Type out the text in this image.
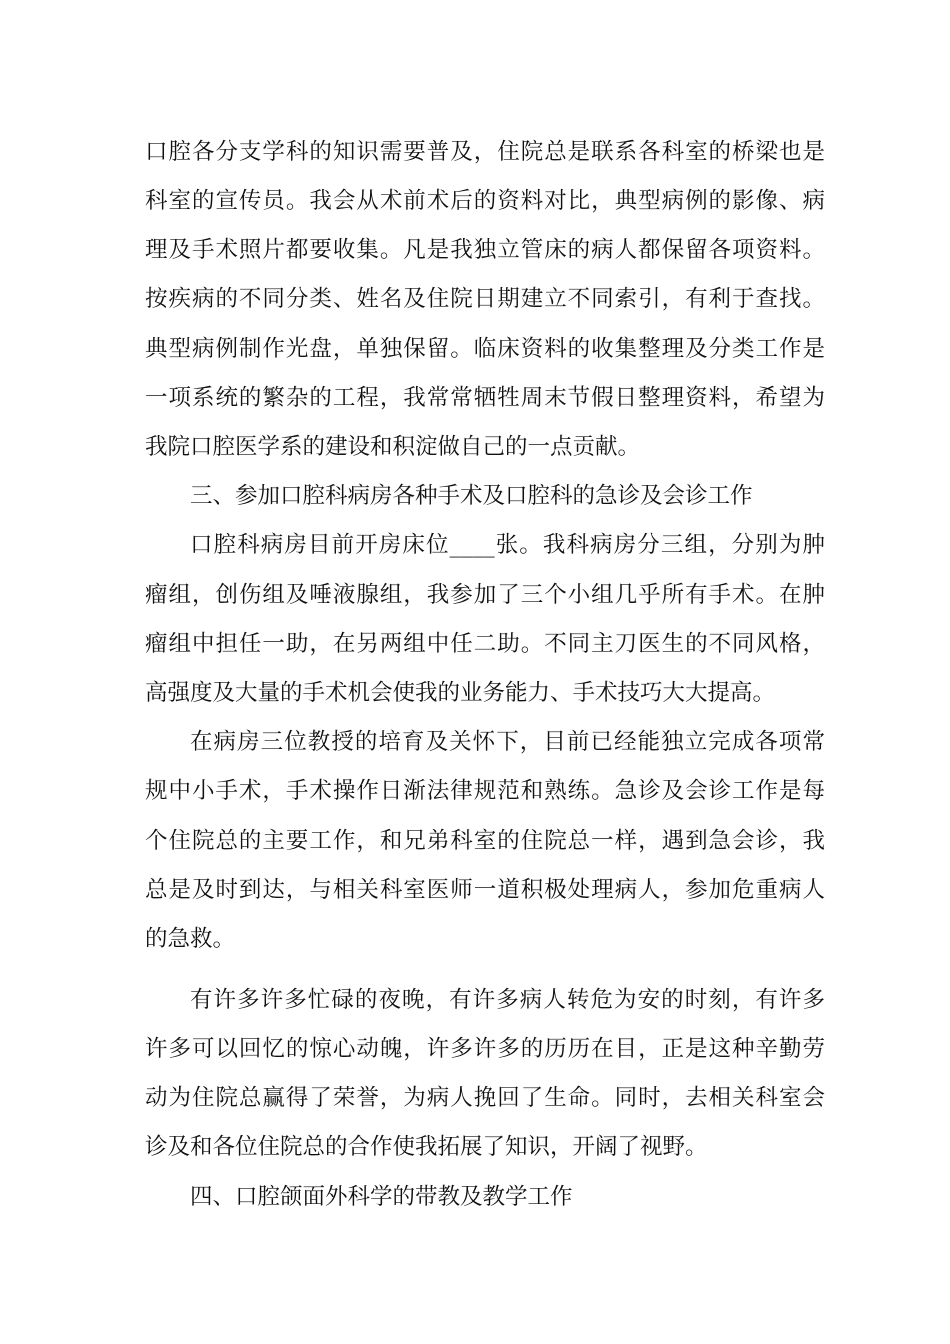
口腔各分支学科的知识需要普及，住院总是联系各科室的桥梁也是
科室的宣传员。我会从术前术后的资料对比，典型病例的影像、病
理及手术照片都要收集。凡是我独立管床的病人都保留各项资料。
按疾病的不同分类、姓名及住院日期建立不同索引，有利于查找。
典型病例制作光盘，单独保留。临床资料的收集整理及分类工作是
一项系统的繁杂的工程，我常常牺牲周末节假日整理资料，希望为
我院口腔医学系的建设和积淀做自己的一点贡献。
三、参加口腔科病房各种手术及口腔科的急诊及会诊工作
口腔科病房目前开房床位____张。我科病房分三组，分别为肿
瘤组，创伤组及唾液腺组，我参加了三个小组几乎所有手术。在肿
瘤组中担任一助，在另两组中任二助。不同主刀医生的不同风格，
高强度及大量的手术机会使我的业务能力、手术技巧大大提高。
在病房三位教授的培育及关怀下，目前已经能独立完成各项常
规中小手术，手术操作日渐法律规范和熟练。急诊及会诊工作是每
个住院总的主要工作，和兄弟科室的住院总一样，遇到急会诊，我
总是及时到达，与相关科室医师一道积极处理病人，参加危重病人
的急救。
有许多许多忙碌的夜晚，有许多病人转危为安的时刻，有许多
许多可以回忆的惊心动魄，许多许多的历历在目，正是这种辛勤劳
动为住院总赢得了荣誉，为病人挽回了生命。同时，去相关科室会
诊及和各位住院总的合作使我拓展了知识，开阔了视野。
四、口腔颌面外科学的带教及教学工作
